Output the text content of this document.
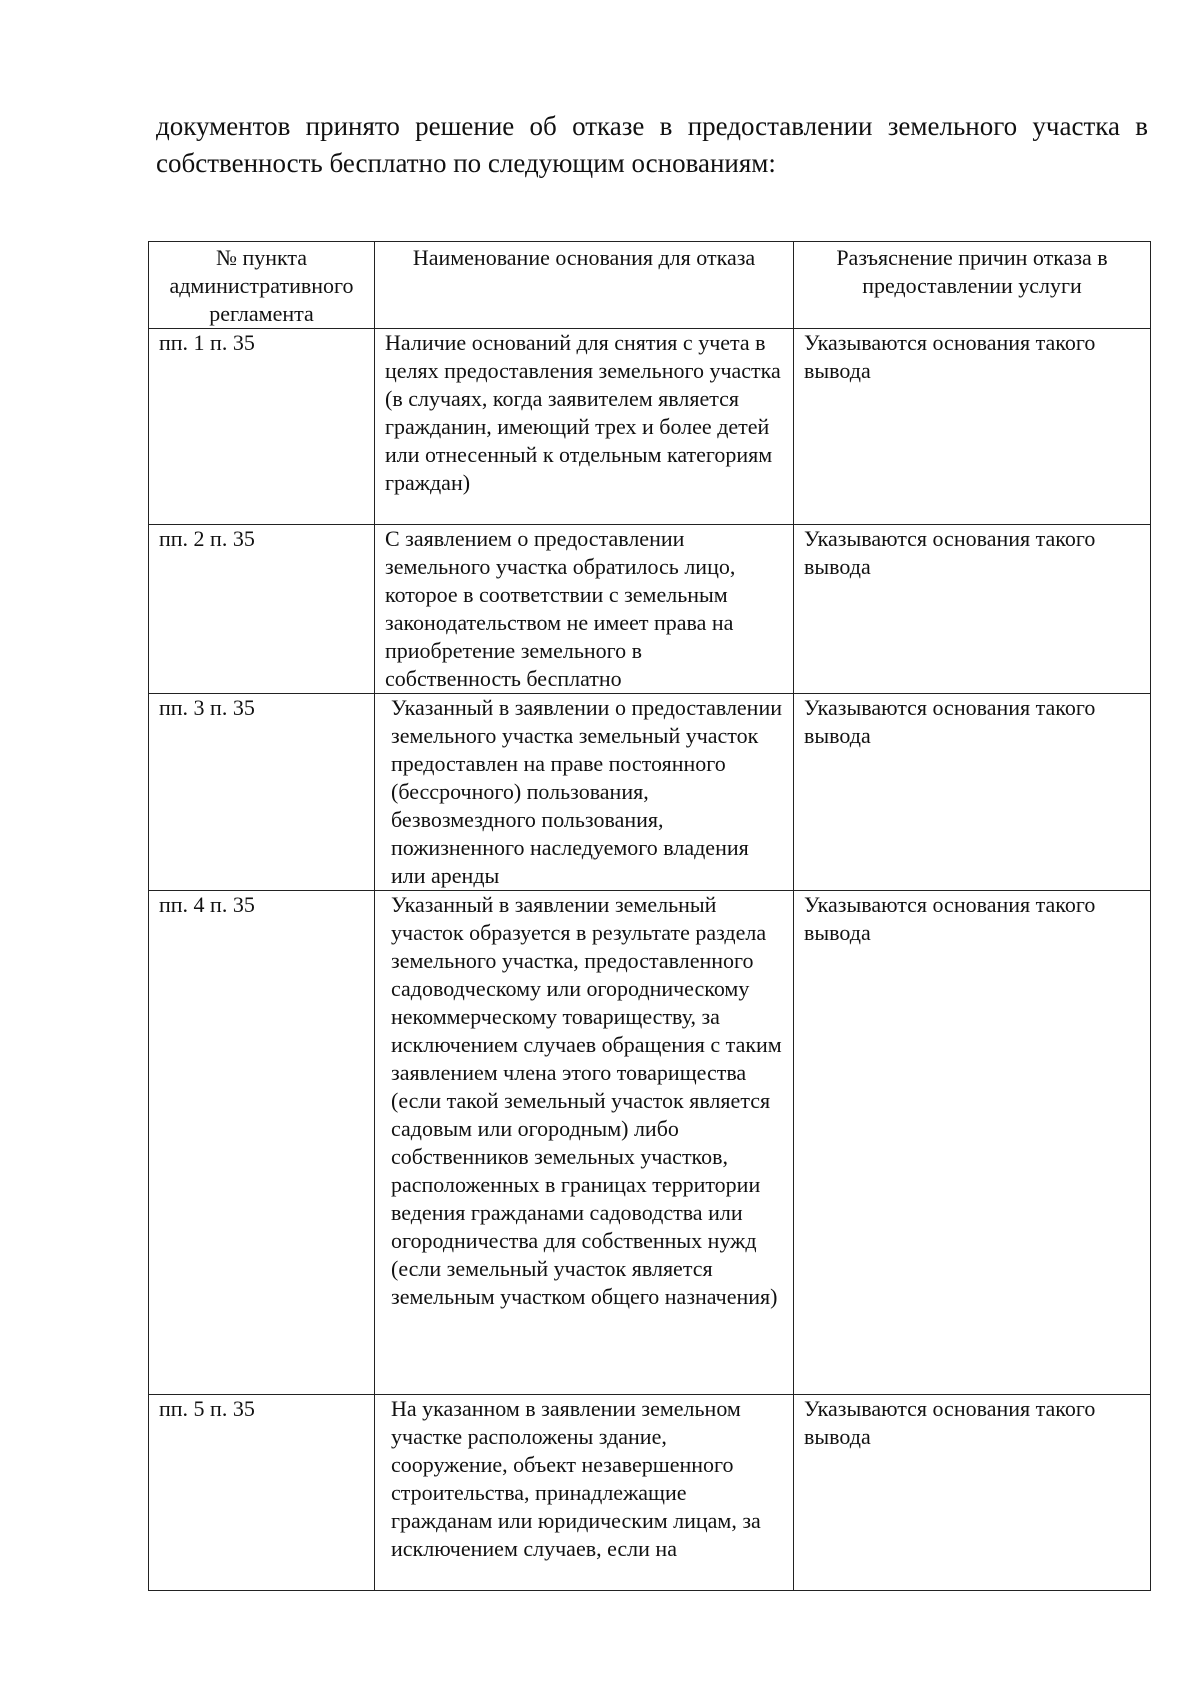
документов принято решение об отказе в предоставлении земельного участка в собственность бесплатно по следующим основаниям:

№ пункта административного регламента	Наименование основания для отказа	Разъяснение причин отказа в предоставлении услуги
пп. 1 п. 35	Наличие оснований для снятия с учета в целях предоставления земельного участка (в случаях, когда заявителем является гражданин, имеющий трех и более детей или отнесенный к отдельным категориям граждан)	Указываются основания такого вывода
пп. 2 п. 35	С заявлением о предоставлении земельного участка обратилось лицо, которое в соответствии с земельным законодательством не имеет права на приобретение земельного в собственность бесплатно	Указываются основания такого вывода
пп. 3 п. 35	Указанный в заявлении о предоставлении земельного участка земельный участок предоставлен на праве постоянного (бессрочного) пользования, безвозмездного пользования, пожизненного наследуемого владения или аренды	Указываются основания такого вывода
пп. 4 п. 35	Указанный в заявлении земельный участок образуется в результате раздела земельного участка, предоставленного садоводческому или огородническому некоммерческому товариществу, за исключением случаев обращения с таким заявлением члена этого товарищества (если такой земельный участок является садовым или огородным) либо собственников земельных участков, расположенных в границах территории ведения гражданами садоводства или огородничества для собственных нужд (если земельный участок является земельным участком общего назначения)	Указываются основания такого вывода
пп. 5 п. 35	На указанном в заявлении земельном участке расположены здание, сооружение, объект незавершенного строительства, принадлежащие гражданам или юридическим лицам, за исключением случаев, если на	Указываются основания такого вывода
